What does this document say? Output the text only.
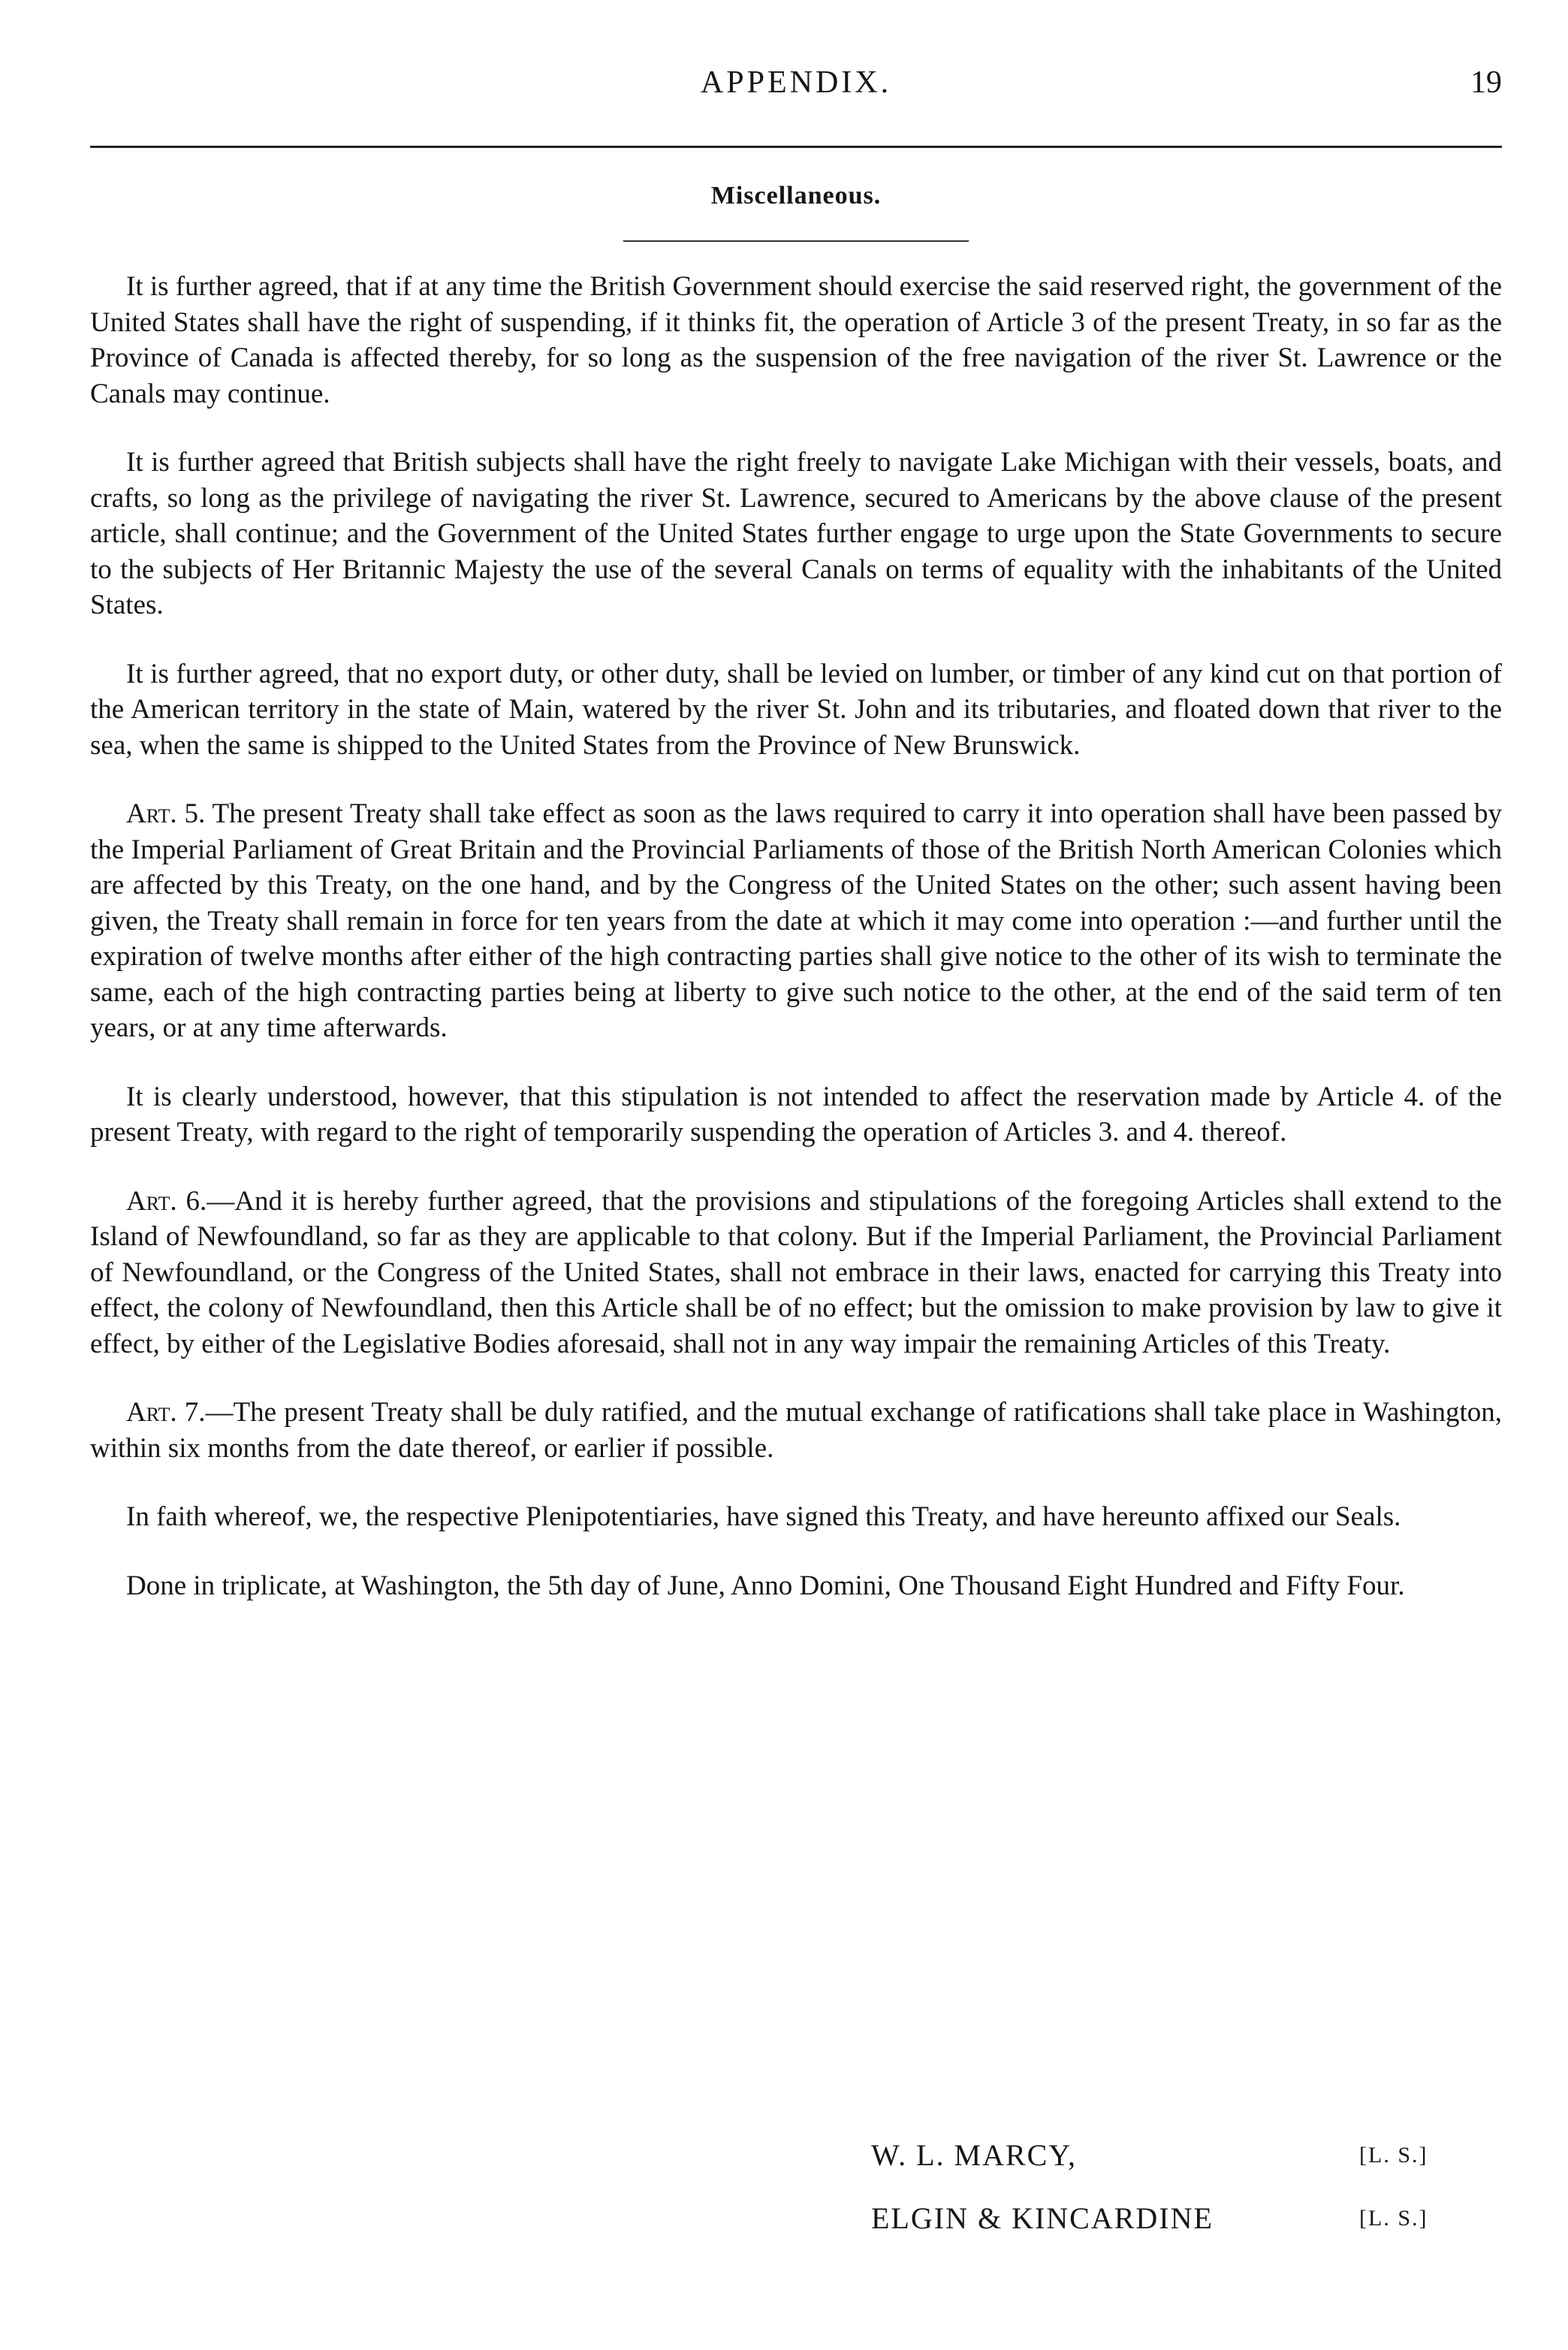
APPENDIX.	19
Miscellaneous.

It is further agreed, that if at any time the British Government should exercise the said reserved right, the government of the United States shall have the right of suspending, if it thinks fit, the operation of Article 3 of the present Treaty, in so far as the Province of Canada is affected thereby, for so long as the suspension of the free navigation of the river St. Lawrence or the Canals may continue.

It is further agreed that British subjects shall have the right freely to navigate Lake Michigan with their vessels, boats, and crafts, so long as the privilege of navigating the river St. Lawrence, secured to Americans by the above clause of the present article, shall continue; and the Government of the United States further engage to urge upon the State Governments to secure to the subjects of Her Britannic Majesty the use of the several Canals on terms of equality with the inhabitants of the United States.

It is further agreed, that no export duty, or other duty, shall be levied on lumber, or timber of any kind cut on that portion of the American territory in the state of Main, watered by the river St. John and its tributaries, and floated down that river to the sea, when the same is shipped to the United States from the Province of New Brunswick.

Art. 5. The present Treaty shall take effect as soon as the laws required to carry it into operation shall have been passed by the Imperial Parliament of Great Britain and the Provincial Parliaments of those of the British North American Colonies which are affected by this Treaty, on the one hand, and by the Congress of the United States on the other; such assent having been given, the Treaty shall remain in force for ten years from the date at which it may come into operation :—and further until the expiration of twelve months after either of the high contracting parties shall give notice to the other of its wish to terminate the same, each of the high contracting parties being at liberty to give such notice to the other, at the end of the said term of ten years, or at any time afterwards.

It is clearly understood, however, that this stipulation is not intended to affect the reservation made by Article 4. of the present Treaty, with regard to the right of temporarily suspending the operation of Articles 3. and 4. thereof.

Art. 6.—And it is hereby further agreed, that the provisions and stipulations of the foregoing Articles shall extend to the Island of Newfoundland, so far as they are applicable to that colony. But if the Imperial Parliament, the Provincial Parliament of Newfoundland, or the Congress of the United States, shall not embrace in their laws, enacted for carrying this Treaty into effect, the colony of Newfoundland, then this Article shall be of no effect; but the omission to make provision by law to give it effect, by either of the Legislative Bodies aforesaid, shall not in any way impair the remaining Articles of this Treaty.

Art. 7.—The present Treaty shall be duly ratified, and the mutual exchange of ratifications shall take place in Washington, within six months from the date thereof, or earlier if possible.

In faith whereof, we, the respective Plenipotentiaries, have signed this Treaty, and have hereunto affixed our Seals.

Done in triplicate, at Washington, the 5th day of June, Anno Domini, One Thousand Eight Hundred and Fifty Four.

W. L. MARCY,	[L. S.]
ELGIN & KINCARDINE	[L. S.]
